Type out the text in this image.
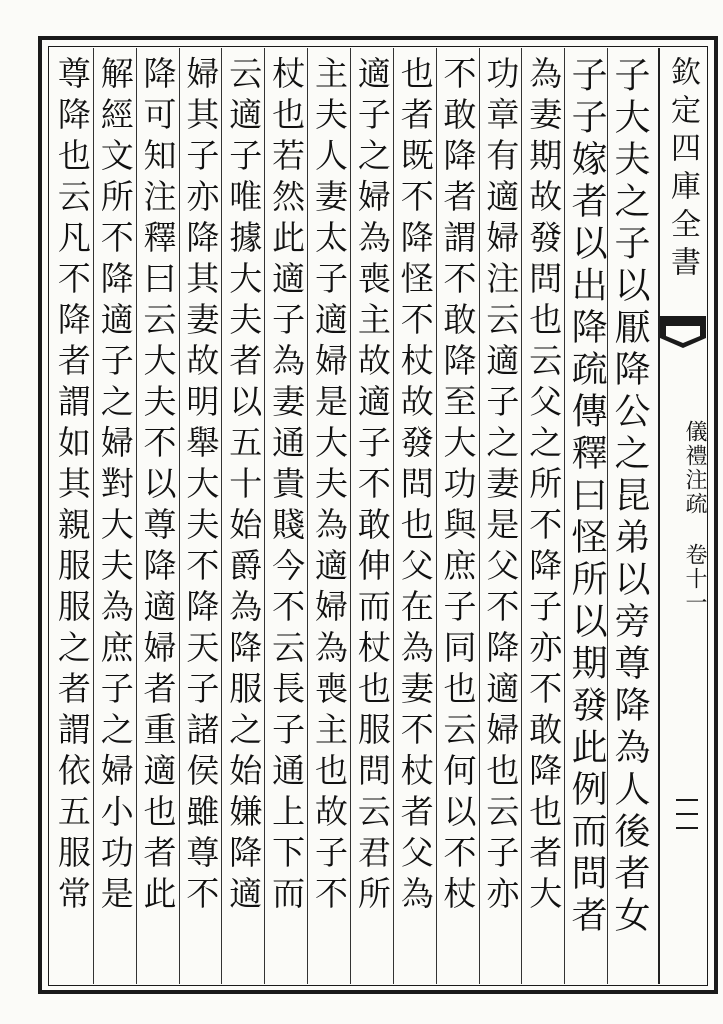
欽定四庫全書
儀禮注疏 卷十一
子大夫之子以厭降公之昆弟以旁尊降為人後者女
子子嫁者以出降疏傳釋曰怪所以期發此例而問者
為妻期故發問也云父之所不降子亦不敢降也者大
功章有適婦注云適子之妻是父不降適婦也云子亦
不敢降者謂不敢降至大功與庶子同也云何以不杖
也者既不降怪不杖故發問也父在為妻不杖者父為
適子之婦為喪主故適子不敢伸而杖也服問云君所
主夫人妻太子適婦是大夫為適婦為喪主也故子不
杖也若然此適子為妻通貴賤今不云長子通上下而
云適子唯據大夫者以五十始爵為降服之始嫌降適
婦其子亦降其妻故明舉大夫不降天子諸侯雖尊不
降可知注釋曰云大夫不以尊降適婦者重適也者此
解經文所不降適子之婦對大夫為庶子之婦小功是
尊降也云凡不降者謂如其親服服之者謂依五服常
